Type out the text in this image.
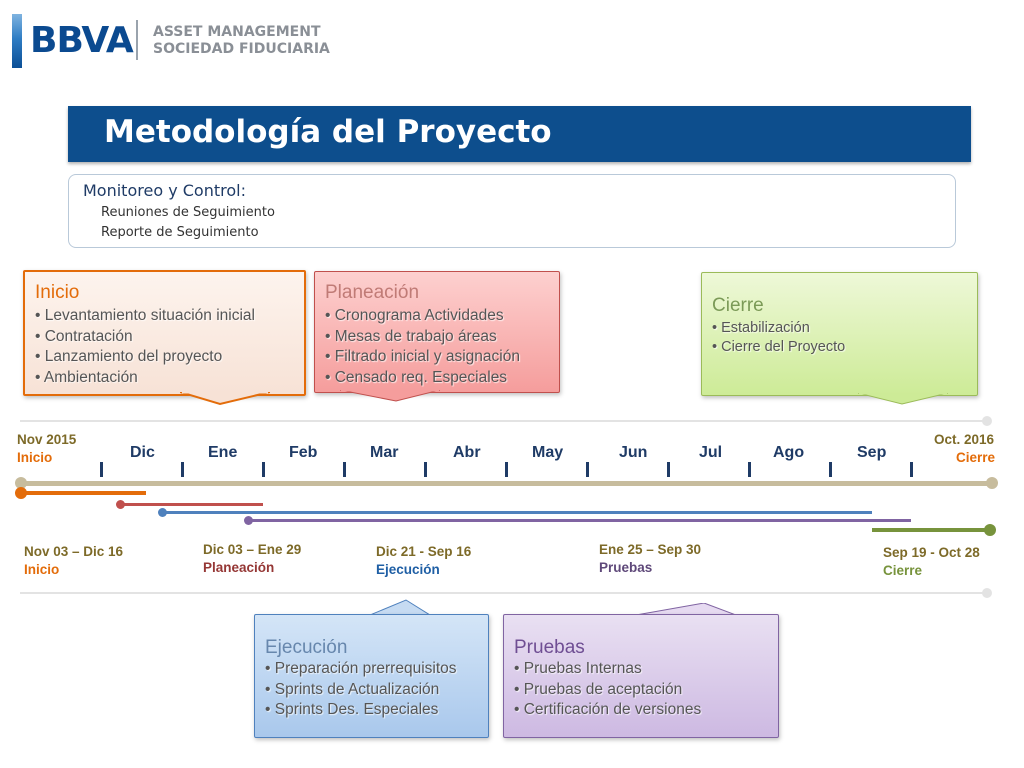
BBVA ASSET MANAGEMENT
SOCIEDAD FIDUCIARIA
Metodología del Proyecto
Monitoreo y Control:
Reuniones de Seguimiento
Reporte de Seguimiento
Inicio
• Levantamiento situación inicial
• Contratación
• Lanzamiento del proyecto
• Ambientación
Planeación
• Cronograma Actividades
• Mesas de trabajo áreas
• Filtrado inicial y asignación
• Censado req. Especiales
Cierre
• Estabilización
• Cierre del Proyecto
Nov 2015
Inicio
Oct. 2016
Cierre
Dic	Ene	Feb	Mar	Abr	May	Jun	Jul	Ago	Sep
Nov 03 – Dic 16
Inicio
Dic 03 – Ene 29
Planeación
Dic 21 - Sep 16
Ejecución
Ene 25 – Sep 30
Pruebas
Sep 19 - Oct 28
Cierre
Ejecución
• Preparación prerrequisitos
• Sprints de Actualización
• Sprints Des. Especiales
Pruebas
• Pruebas Internas
• Pruebas de aceptación
• Certificación de versiones
